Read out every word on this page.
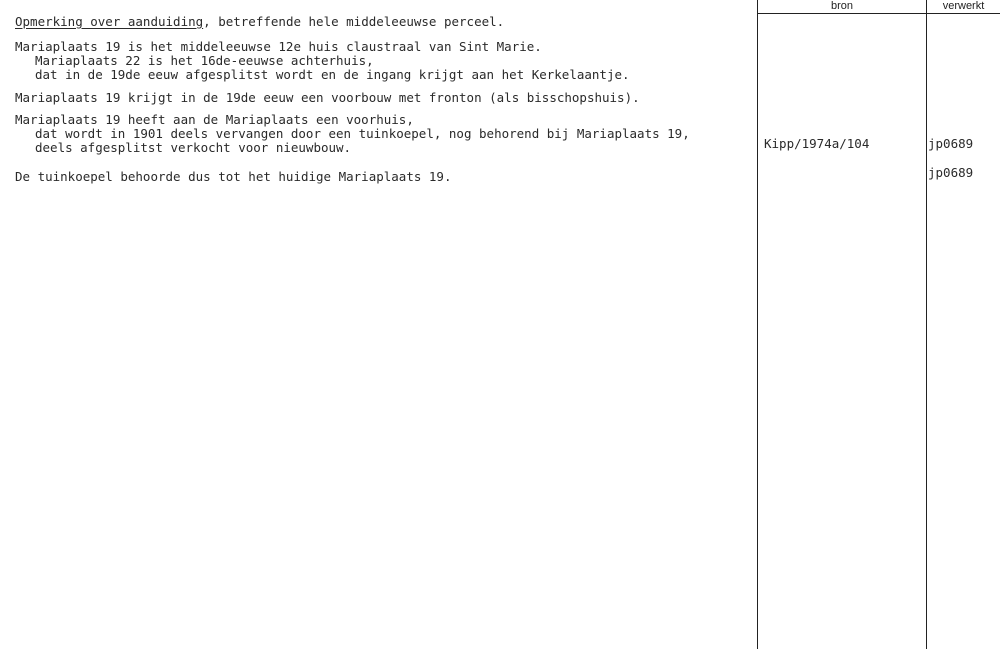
bron	verwerkt
Opmerking over aanduiding, betreffende hele middeleeuwse perceel.
Mariaplaats 19 is het middeleeuwse 12e huis claustraal van Sint Marie.
Mariaplaats 22 is het 16de-eeuwse achterhuis,
dat in de 19de eeuw afgesplitst wordt en de ingang krijgt aan het Kerkelaantje.
Mariaplaats 19 krijgt in de 19de eeuw een voorbouw met fronton (als bisschopshuis).
Mariaplaats 19 heeft aan de Mariaplaats een voorhuis,
dat wordt in 1901 deels vervangen door een tuinkoepel, nog behorend bij Mariaplaats 19,
deels afgesplitst verkocht voor nieuwbouw.
De tuinkoepel behoorde dus tot het huidige Mariaplaats 19.
Kipp/1974a/104	jp0689
jp0689
